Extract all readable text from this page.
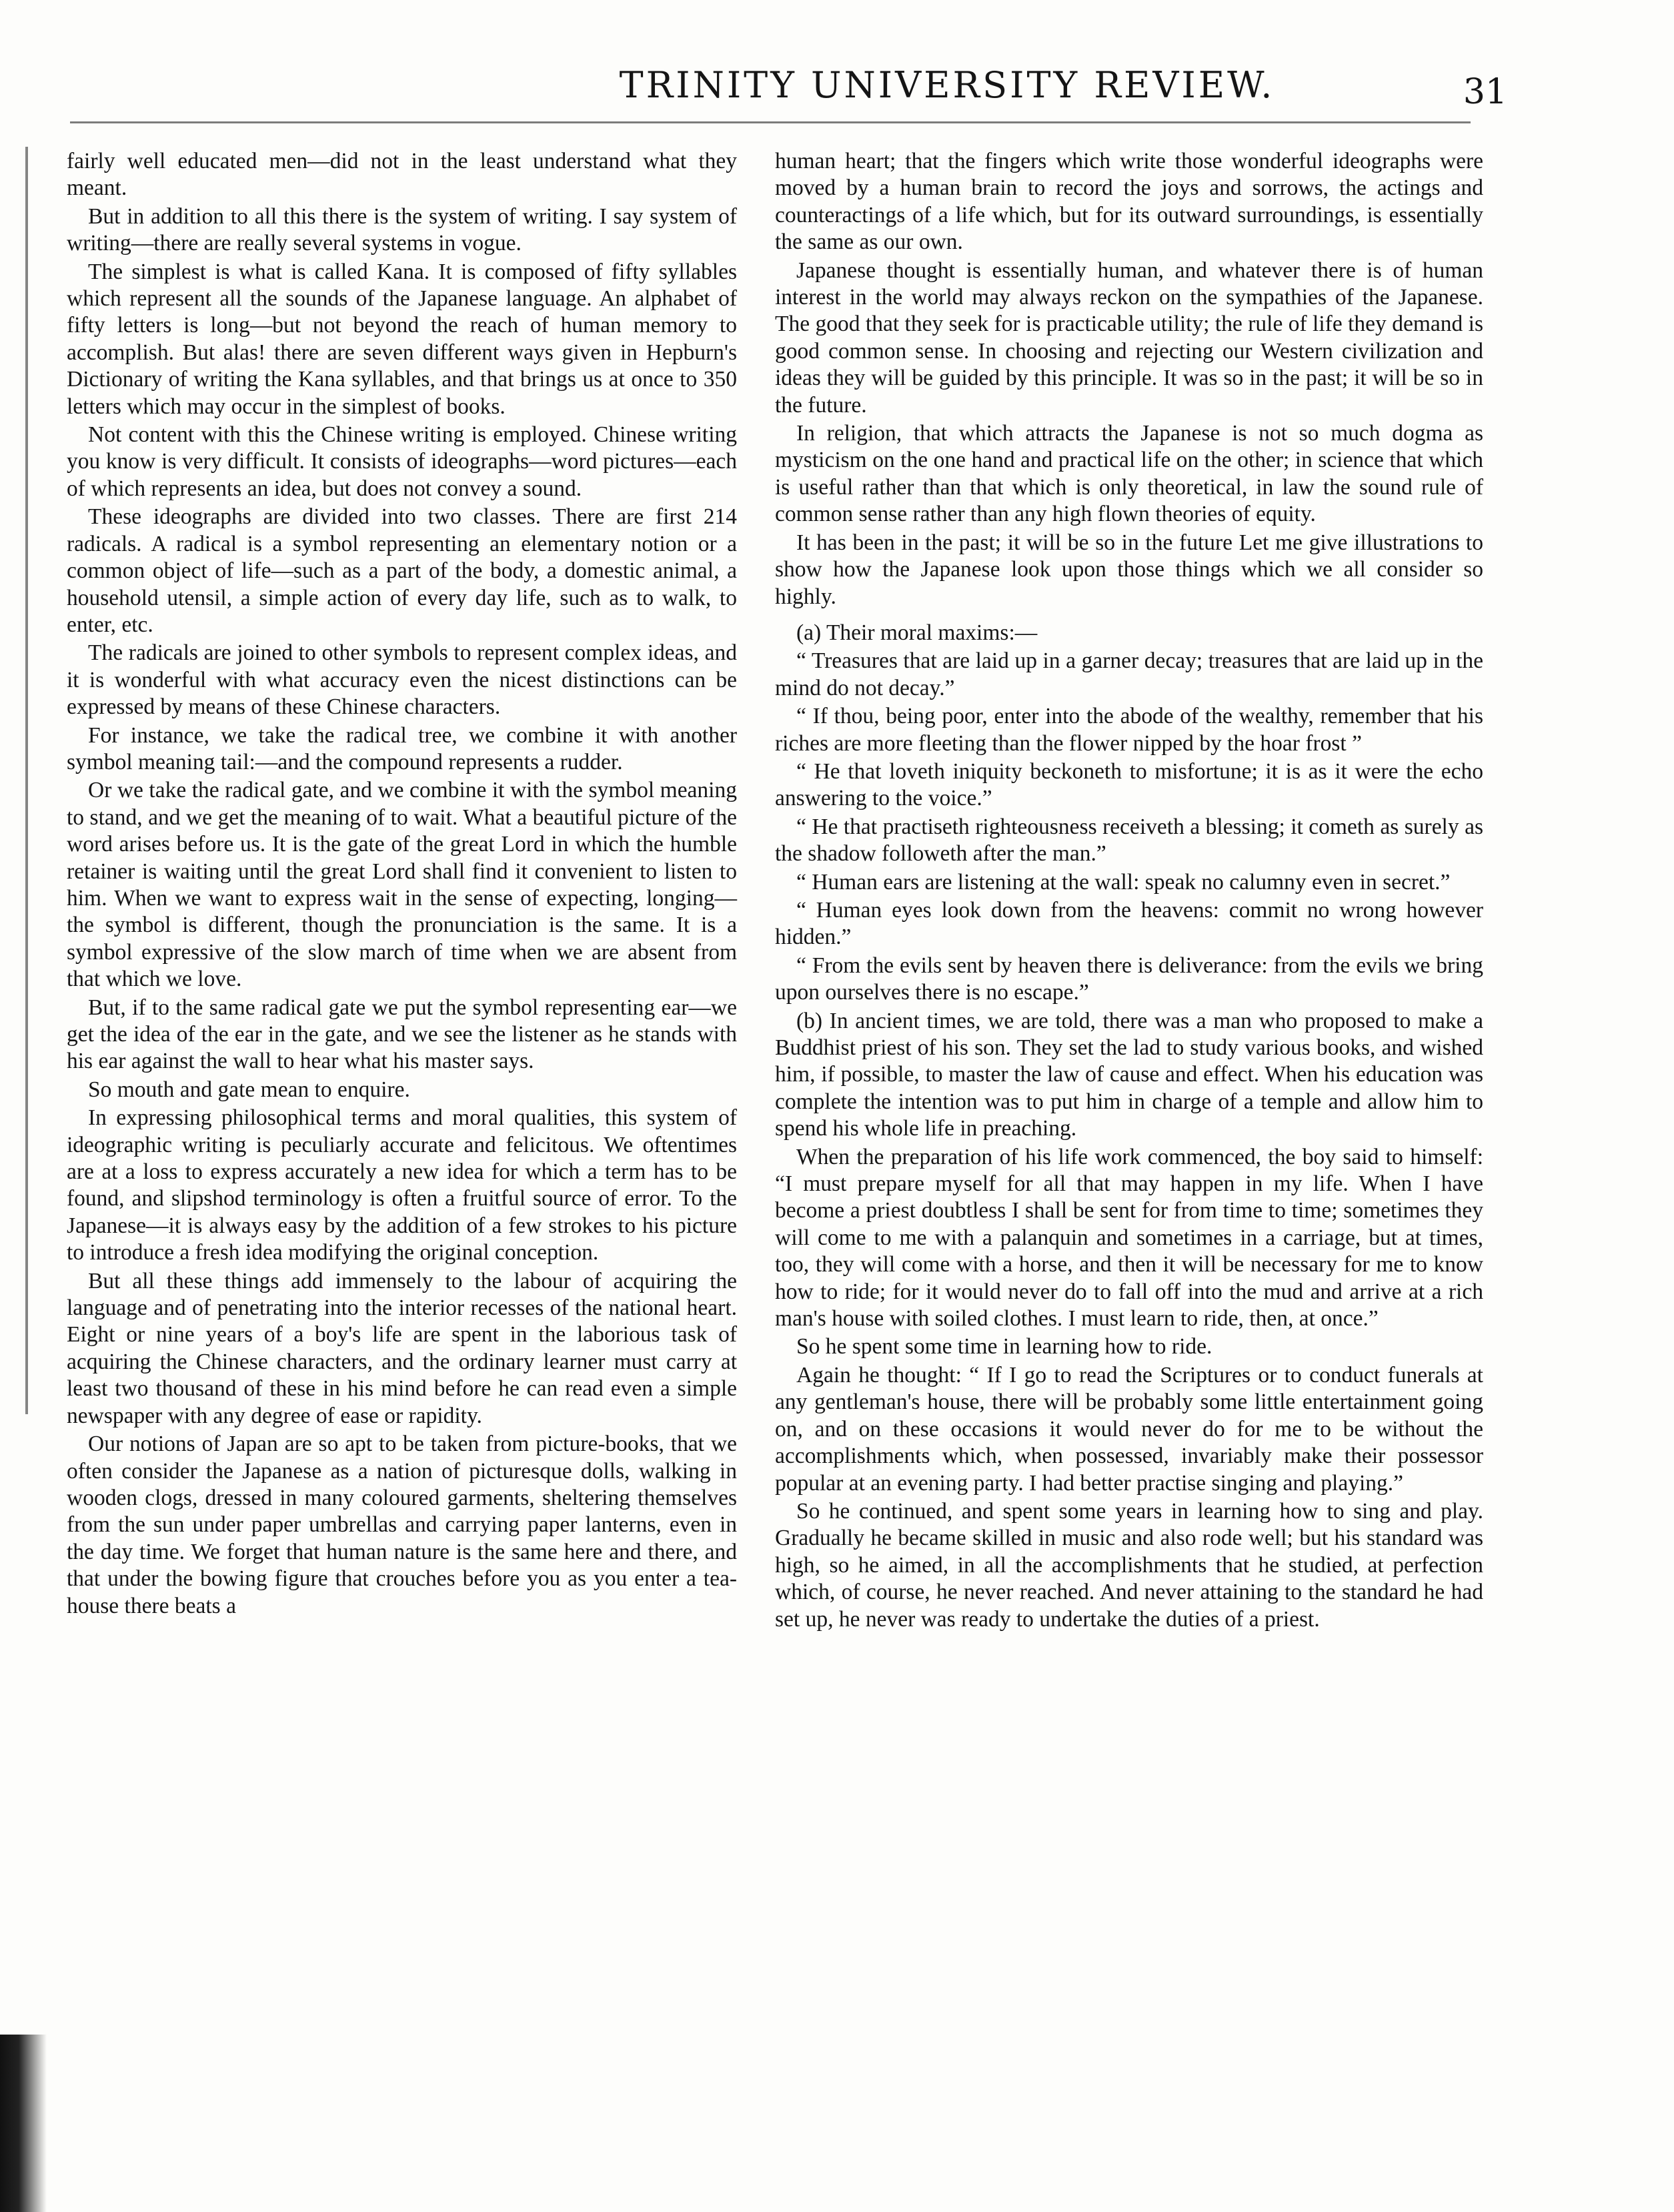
TRINITY UNIVERSITY REVIEW.	31

fairly well educated men—did not in the least understand what they meant.

But in addition to all this there is the system of writing. I say system of writing—there are really several systems in vogue.

The simplest is what is called Kana. It is composed of fifty syllables which represent all the sounds of the Japanese language. An alphabet of fifty letters is long—but not beyond the reach of human memory to accomplish. But alas! there are seven different ways given in Hepburn's Dictionary of writing the Kana syllables, and that brings us at once to 350 letters which may occur in the simplest of books.

Not content with this the Chinese writing is employed. Chinese writing you know is very difficult. It consists of ideographs—word pictures—each of which represents an idea, but does not convey a sound.

These ideographs are divided into two classes. There are first 214 radicals. A radical is a symbol representing an elementary notion or a common object of life—such as a part of the body, a domestic animal, a household utensil, a simple action of every day life, such as to walk, to enter, etc.

The radicals are joined to other symbols to represent complex ideas, and it is wonderful with what accuracy even the nicest distinctions can be expressed by means of these Chinese characters.

For instance, we take the radical tree, we combine it with another symbol meaning tail:—and the compound represents a rudder.

Or we take the radical gate, and we combine it with the symbol meaning to stand, and we get the meaning of to wait. What a beautiful picture of the word arises before us. It is the gate of the great Lord in which the humble retainer is waiting until the great Lord shall find it convenient to listen to him. When we want to express wait in the sense of expecting, longing—the symbol is different, though the pronunciation is the same. It is a symbol expressive of the slow march of time when we are absent from that which we love.

But, if to the same radical gate we put the symbol representing ear—we get the idea of the ear in the gate, and we see the listener as he stands with his ear against the wall to hear what his master says.

So mouth and gate mean to enquire.

In expressing philosophical terms and moral qualities, this system of ideographic writing is peculiarly accurate and felicitous. We oftentimes are at a loss to express accurately a new idea for which a term has to be found, and slipshod terminology is often a fruitful source of error. To the Japanese—it is always easy by the addition of a few strokes to his picture to introduce a fresh idea modifying the original conception.

But all these things add immensely to the labour of acquiring the language and of penetrating into the interior recesses of the national heart. Eight or nine years of a boy's life are spent in the laborious task of acquiring the Chinese characters, and the ordinary learner must carry at least two thousand of these in his mind before he can read even a simple newspaper with any degree of ease or rapidity.

Our notions of Japan are so apt to be taken from picture-books, that we often consider the Japanese as a nation of picturesque dolls, walking in wooden clogs, dressed in many coloured garments, sheltering themselves from the sun under paper umbrellas and carrying paper lanterns, even in the day time. We forget that human nature is the same here and there, and that under the bowing figure that crouches before you as you enter a tea-house there beats a

human heart; that the fingers which write those wonderful ideographs were moved by a human brain to record the joys and sorrows, the actings and counteractings of a life which, but for its outward surroundings, is essentially the same as our own.

Japanese thought is essentially human, and whatever there is of human interest in the world may always reckon on the sympathies of the Japanese. The good that they seek for is practicable utility; the rule of life they demand is good common sense. In choosing and rejecting our Western civilization and ideas they will be guided by this principle. It was so in the past; it will be so in the future.

In religion, that which attracts the Japanese is not so much dogma as mysticism on the one hand and practical life on the other; in science that which is useful rather than that which is only theoretical, in law the sound rule of common sense rather than any high flown theories of equity.

It has been in the past; it will be so in the future Let me give illustrations to show how the Japanese look upon those things which we all consider so highly.

(a) Their moral maxims:—

“ Treasures that are laid up in a garner decay; treasures that are laid up in the mind do not decay.”

“ If thou, being poor, enter into the abode of the wealthy, remember that his riches are more fleeting than the flower nipped by the hoar frost ”

“ He that loveth iniquity beckoneth to misfortune; it is as it were the echo answering to the voice.”

“ He that practiseth righteousness receiveth a blessing; it cometh as surely as the shadow followeth after the man.”

“ Human ears are listening at the wall: speak no calumny even in secret.”

“ Human eyes look down from the heavens: commit no wrong however hidden.”

“ From the evils sent by heaven there is deliverance: from the evils we bring upon ourselves there is no escape.”

(b) In ancient times, we are told, there was a man who proposed to make a Buddhist priest of his son. They set the lad to study various books, and wished him, if possible, to master the law of cause and effect. When his education was complete the intention was to put him in charge of a temple and allow him to spend his whole life in preaching.

When the preparation of his life work commenced, the boy said to himself: “I must prepare myself for all that may happen in my life. When I have become a priest doubtless I shall be sent for from time to time; sometimes they will come to me with a palanquin and sometimes in a carriage, but at times, too, they will come with a horse, and then it will be necessary for me to know how to ride; for it would never do to fall off into the mud and arrive at a rich man's house with soiled clothes. I must learn to ride, then, at once.”

So he spent some time in learning how to ride.

Again he thought: “ If I go to read the Scriptures or to conduct funerals at any gentleman's house, there will be probably some little entertainment going on, and on these occasions it would never do for me to be without the accomplishments which, when possessed, invariably make their possessor popular at an evening party. I had better practise singing and playing.”

So he continued, and spent some years in learning how to sing and play. Gradually he became skilled in music and also rode well; but his standard was high, so he aimed, in all the accomplishments that he studied, at perfection which, of course, he never reached. And never attaining to the standard he had set up, he never was ready to undertake the duties of a priest.
